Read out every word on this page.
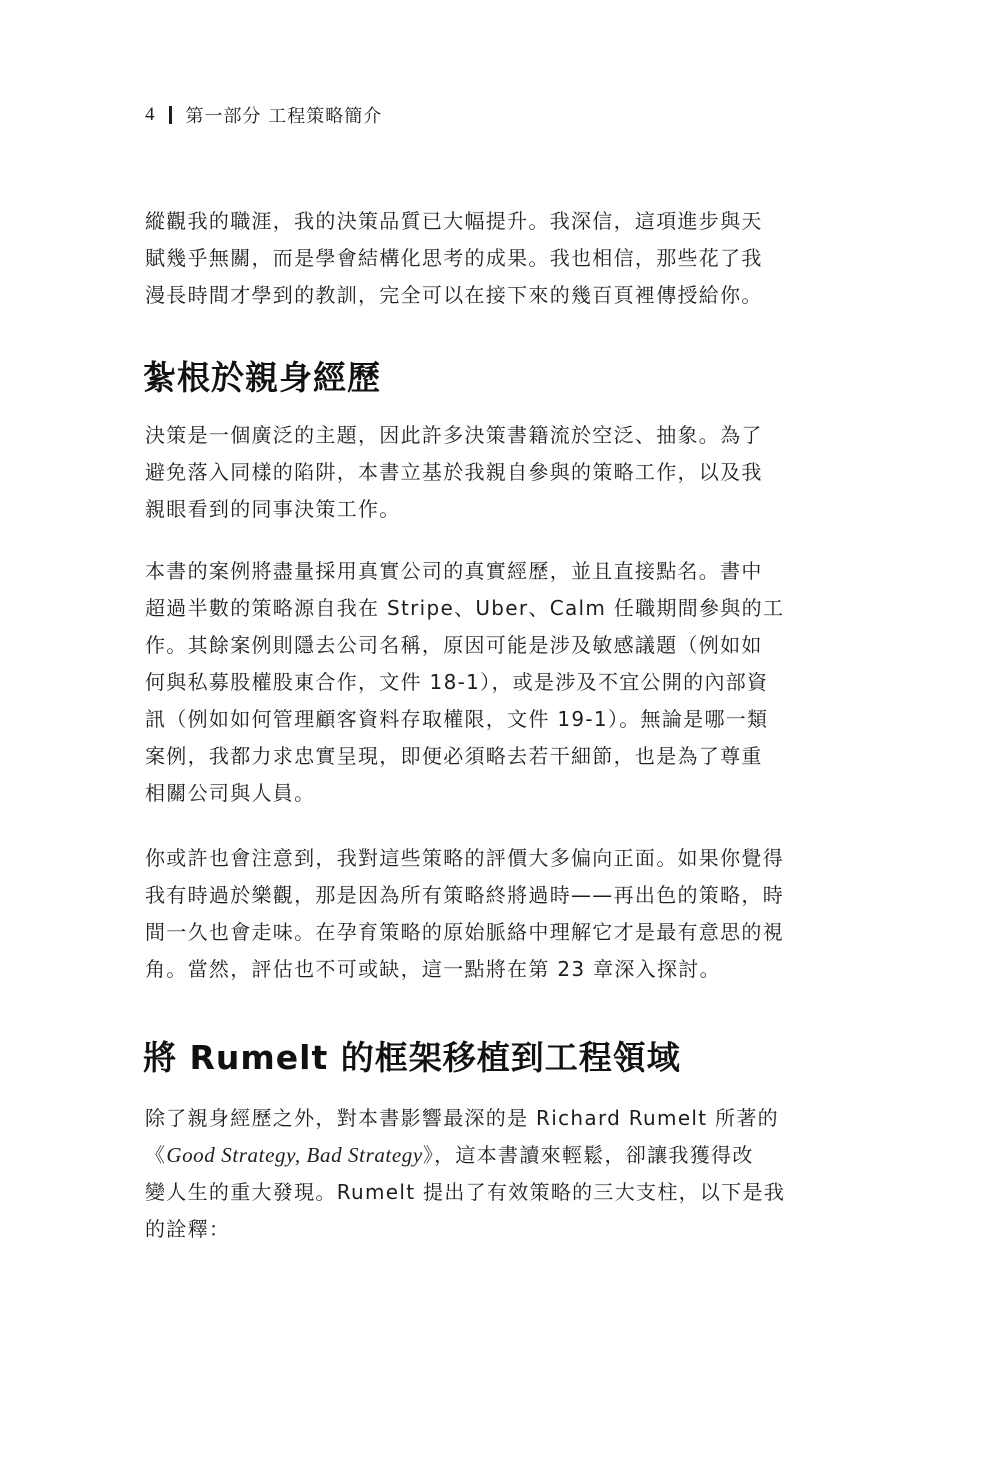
4 第一部分 工程策略簡介
縱觀我的職涯，我的決策品質已大幅提升。我深信，這項進步與天
賦幾乎無關，而是學會結構化思考的成果。我也相信，那些花了我
漫長時間才學到的教訓，完全可以在接下來的幾百頁裡傳授給你。
紮根於親身經歷
決策是一個廣泛的主題，因此許多決策書籍流於空泛、抽象。為了
避免落入同樣的陷阱，本書立基於我親自參與的策略工作，以及我
親眼看到的同事決策工作。
本書的案例將盡量採用真實公司的真實經歷，並且直接點名。書中
超過半數的策略源自我在 Stripe、Uber、Calm 任職期間參與的工
作。其餘案例則隱去公司名稱，原因可能是涉及敏感議題（例如如
何與私募股權股東合作，文件 18-1），或是涉及不宜公開的內部資
訊（例如如何管理顧客資料存取權限，文件 19-1）。無論是哪一類
案例，我都力求忠實呈現，即便必須略去若干細節，也是為了尊重
相關公司與人員。
你或許也會注意到，我對這些策略的評價大多偏向正面。如果你覺得
我有時過於樂觀，那是因為所有策略終將過時——再出色的策略，時
間一久也會走味。在孕育策略的原始脈絡中理解它才是最有意思的視
角。當然，評估也不可或缺，這一點將在第 23 章深入探討。
將 Rumelt 的框架移植到工程領域
除了親身經歷之外，對本書影響最深的是 Richard Rumelt 所著的
《Good Strategy, Bad Strategy》，這本書讀來輕鬆，卻讓我獲得改
變人生的重大發現。Rumelt 提出了有效策略的三大支柱，以下是我
的詮釋：
